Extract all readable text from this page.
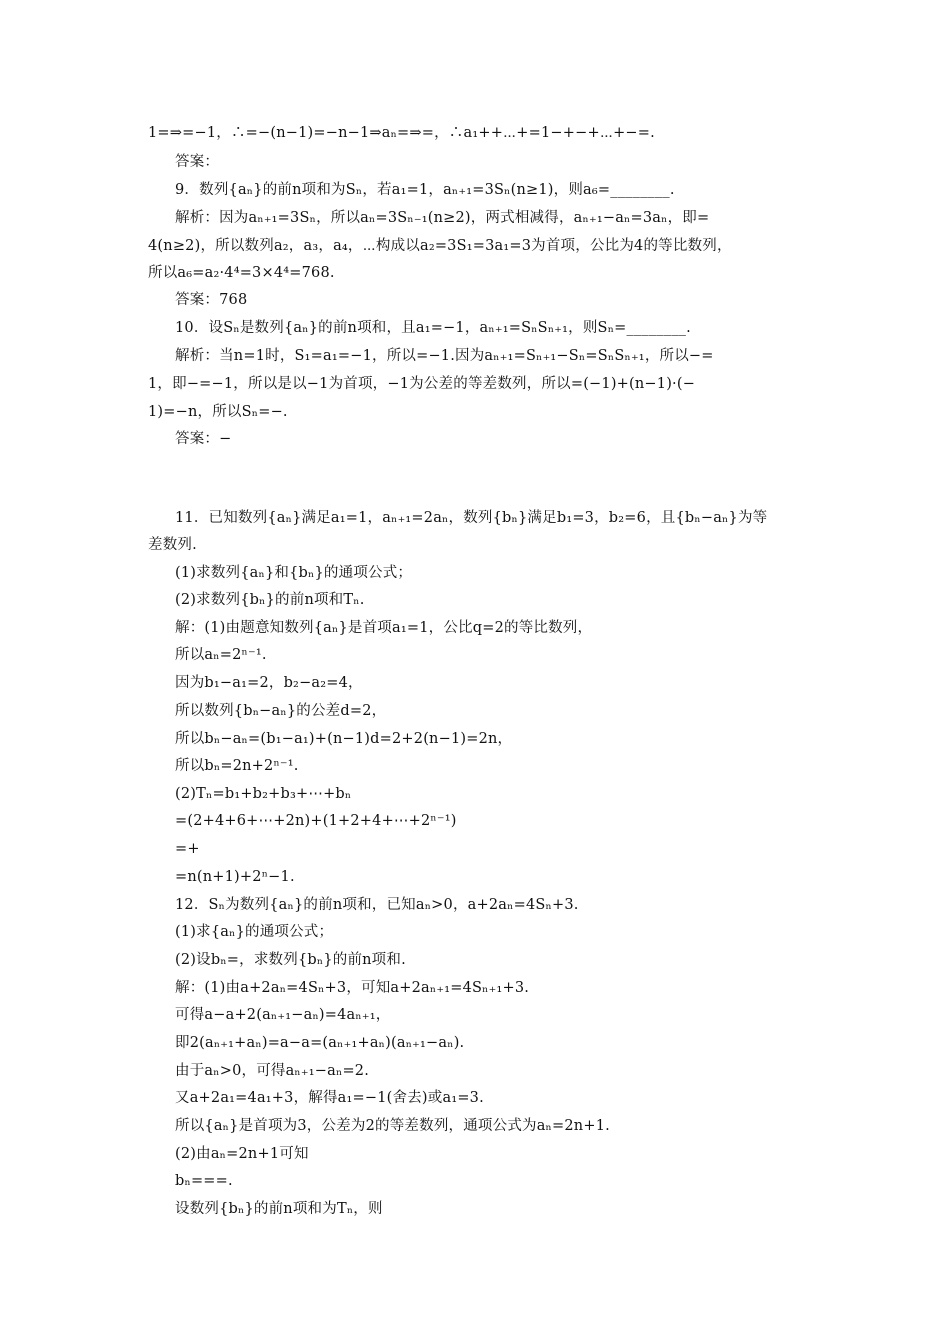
1=⇒=−1，∴=−(n−1)=−n−1⇒aₙ=⇒=，∴a₁++⋯+=1−+−+⋯+−=.
答案：
9．数列{aₙ}的前n项和为Sₙ，若a₁=1，aₙ₊₁=3Sₙ(n≥1)，则a₆=________.
解析：因为aₙ₊₁=3Sₙ，所以aₙ=3Sₙ₋₁(n≥2)，两式相减得，aₙ₊₁−aₙ=3aₙ，即=
4(n≥2)，所以数列a₂，a₃，a₄，⋯构成以a₂=3S₁=3a₁=3为首项，公比为4的等比数列，
所以a₆=a₂·4⁴=3×4⁴=768.
答案：768
10．设Sₙ是数列{aₙ}的前n项和，且a₁=−1，aₙ₊₁=SₙSₙ₊₁，则Sₙ=________.
解析：当n=1时，S₁=a₁=−1，所以=−1.因为aₙ₊₁=Sₙ₊₁−Sₙ=SₙSₙ₊₁，所以−=
1，即−=−1，所以是以−1为首项，−1为公差的等差数列，所以=(−1)+(n−1)·(−
1)=−n，所以Sₙ=−.
答案：−
11．已知数列{aₙ}满足a₁=1，aₙ₊₁=2aₙ，数列{bₙ}满足b₁=3，b₂=6，且{bₙ−aₙ}为等
差数列.
(1)求数列{aₙ}和{bₙ}的通项公式；
(2)求数列{bₙ}的前n项和Tₙ.
解：(1)由题意知数列{aₙ}是首项a₁=1，公比q=2的等比数列，
所以aₙ=2ⁿ⁻¹.
因为b₁−a₁=2，b₂−a₂=4，
所以数列{bₙ−aₙ}的公差d=2，
所以bₙ−aₙ=(b₁−a₁)+(n−1)d=2+2(n−1)=2n，
所以bₙ=2n+2ⁿ⁻¹.
(2)Tₙ=b₁+b₂+b₃+⋯+bₙ
=(2+4+6+⋯+2n)+(1+2+4+⋯+2ⁿ⁻¹)
=+
=n(n+1)+2ⁿ−1.
12．Sₙ为数列{aₙ}的前n项和，已知aₙ>0，a+2aₙ=4Sₙ+3.
(1)求{aₙ}的通项公式；
(2)设bₙ=，求数列{bₙ}的前n项和.
解：(1)由a+2aₙ=4Sₙ+3，可知a+2aₙ₊₁=4Sₙ₊₁+3.
可得a−a+2(aₙ₊₁−aₙ)=4aₙ₊₁，
即2(aₙ₊₁+aₙ)=a−a=(aₙ₊₁+aₙ)(aₙ₊₁−aₙ).
由于aₙ>0，可得aₙ₊₁−aₙ=2.
又a+2a₁=4a₁+3，解得a₁=−1(舍去)或a₁=3.
所以{aₙ}是首项为3，公差为2的等差数列，通项公式为aₙ=2n+1.
(2)由aₙ=2n+1可知
bₙ===.
设数列{bₙ}的前n项和为Tₙ，则
